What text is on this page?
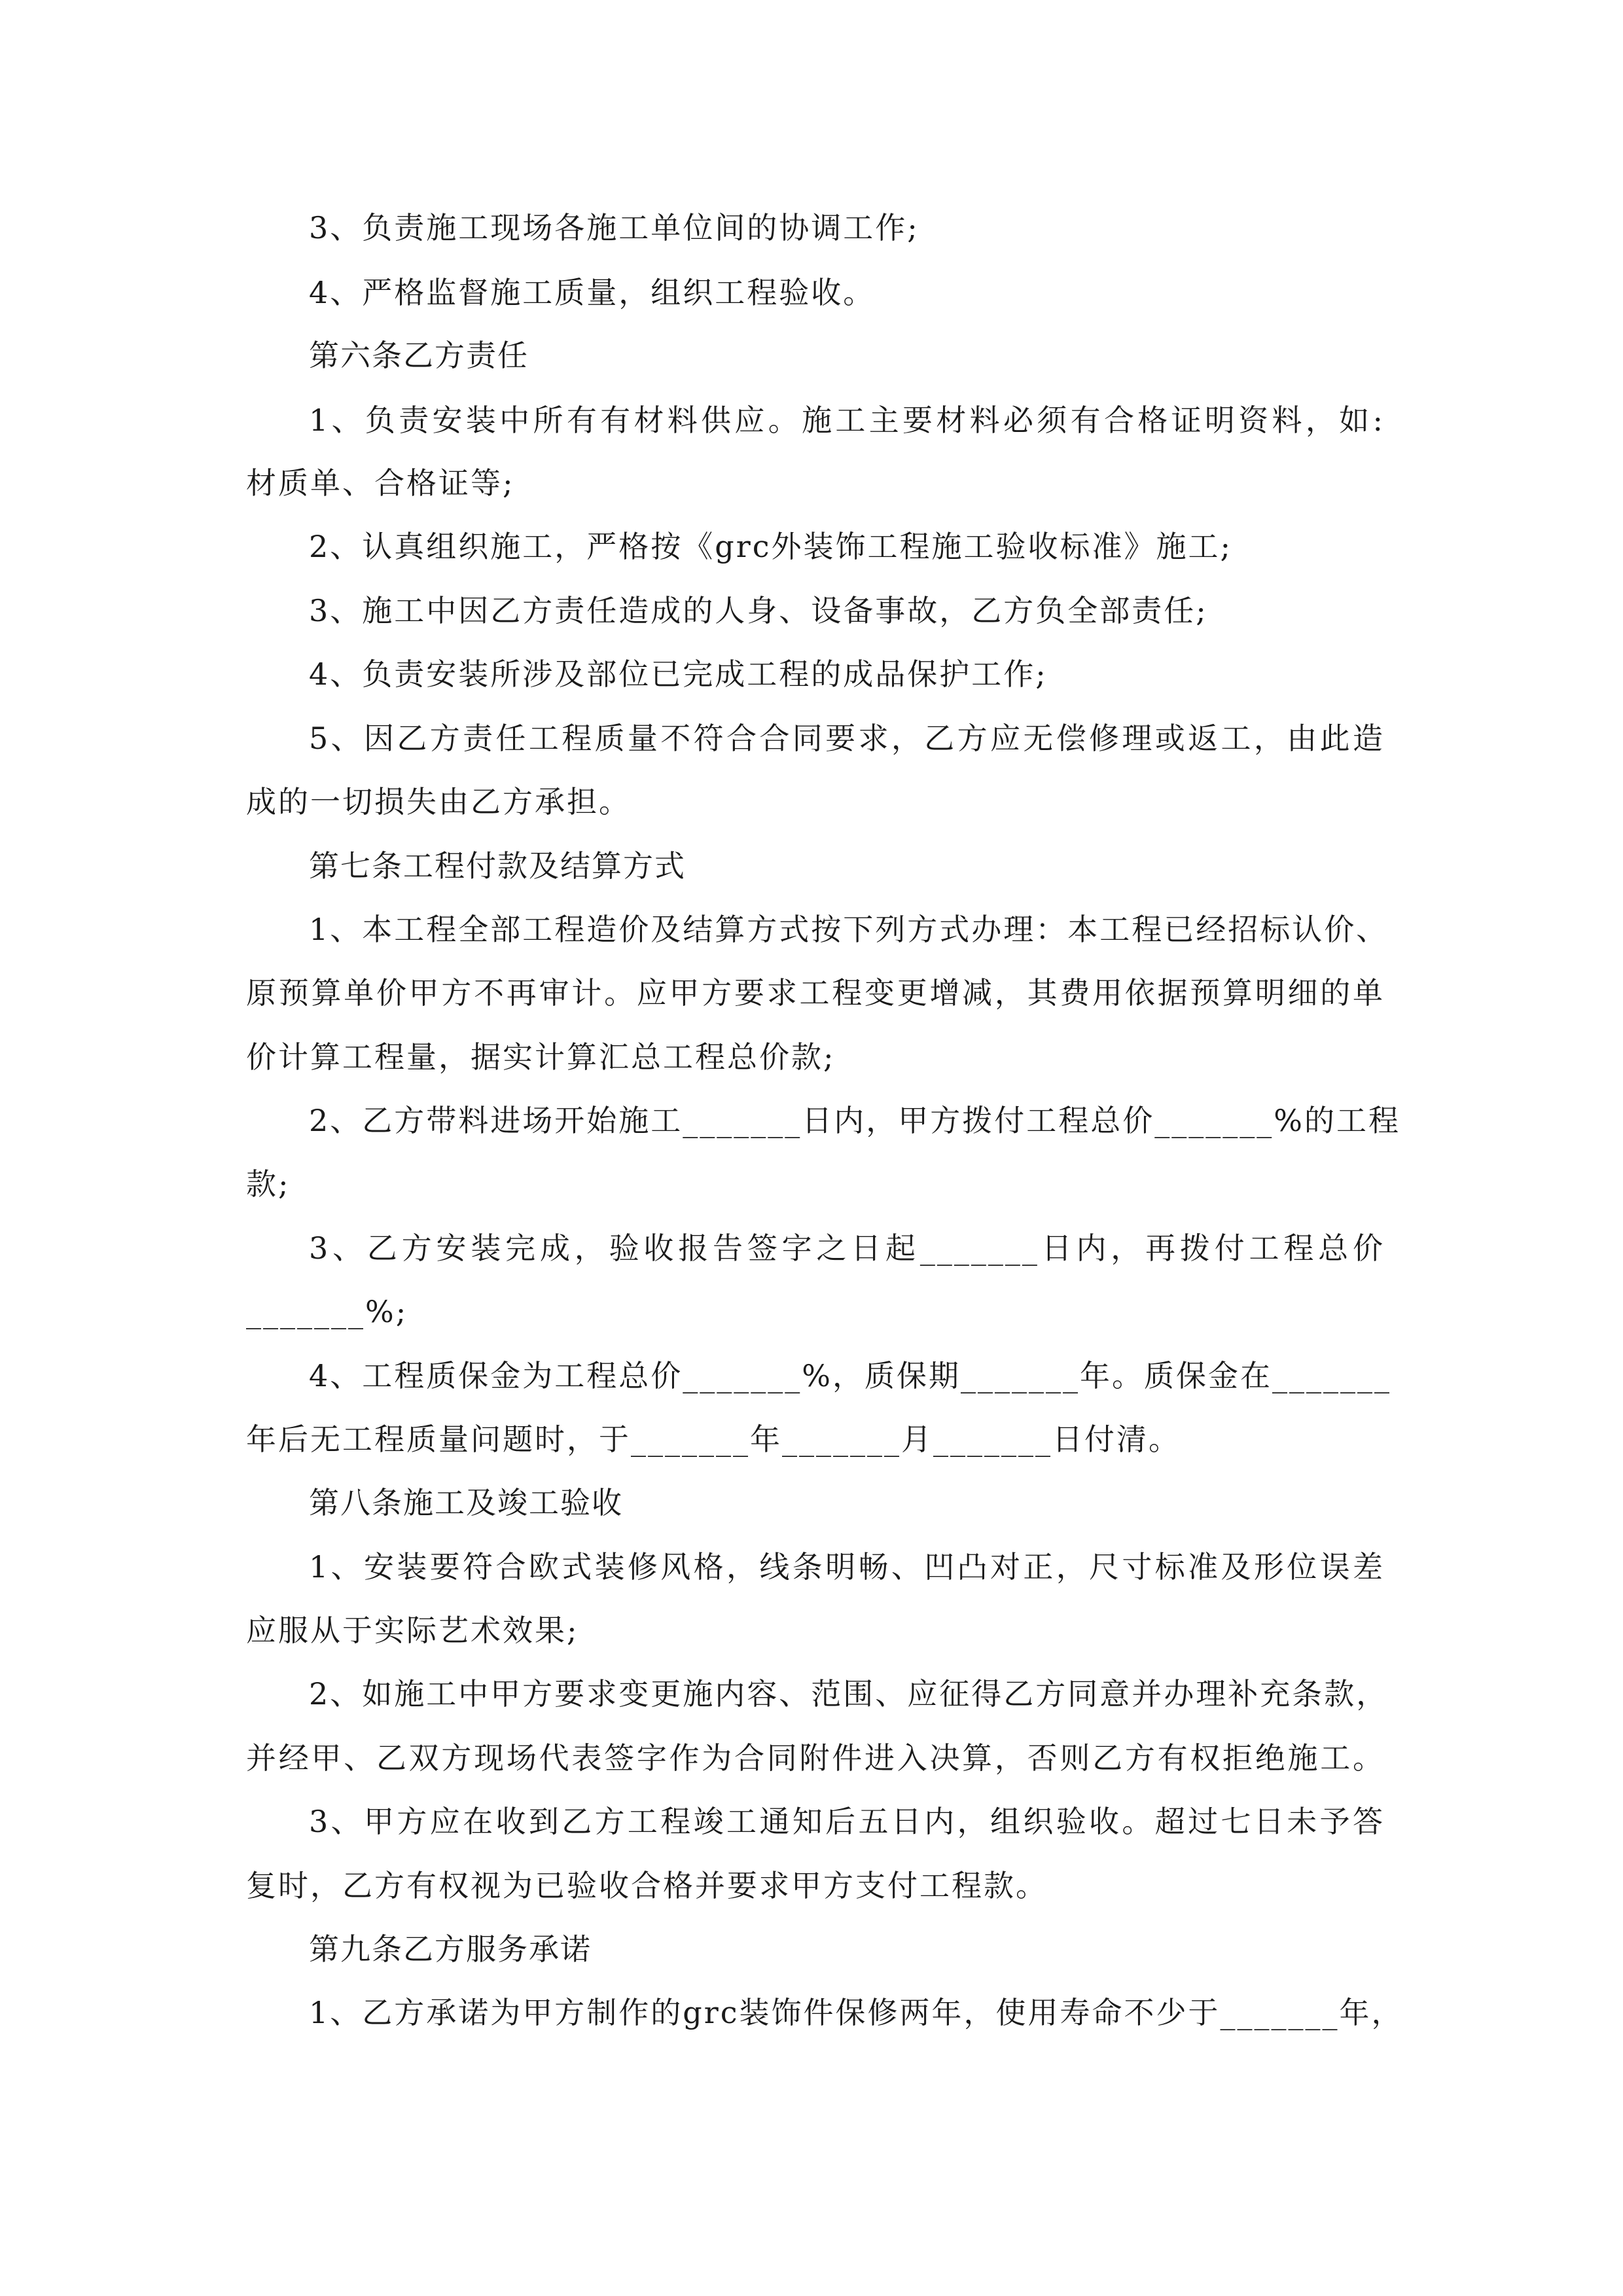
3、负责施工现场各施工单位间的协调工作;
4、严格监督施工质量，组织工程验收。
第六条乙方责任
1、负责安装中所有有材料供应。施工主要材料必须有合格证明资料，如:
材质单、合格证等;
2、认真组织施工，严格按《grc外装饰工程施工验收标准》施工;
3、施工中因乙方责任造成的人身、设备事故，乙方负全部责任;
4、负责安装所涉及部位已完成工程的成品保护工作;
5、因乙方责任工程质量不符合合同要求，乙方应无偿修理或返工，由此造
成的一切损失由乙方承担。
第七条工程付款及结算方式
1、本工程全部工程造价及结算方式按下列方式办理：本工程已经招标认价、
原预算单价甲方不再审计。应甲方要求工程变更增减，其费用依据预算明细的单
价计算工程量，据实计算汇总工程总价款;
2、乙方带料进场开始施工_______日内，甲方拨付工程总价_______%的工程
款;
3、乙方安装完成，验收报告签字之日起_______日内，再拨付工程总价
_______%;
4、工程质保金为工程总价_______%，质保期_______年。质保金在_______
年后无工程质量问题时，于_______年_______月_______日付清。
第八条施工及竣工验收
1、安装要符合欧式装修风格，线条明畅、凹凸对正，尺寸标准及形位误差
应服从于实际艺术效果;
2、如施工中甲方要求变更施内容、范围、应征得乙方同意并办理补充条款，
并经甲、乙双方现场代表签字作为合同附件进入决算，否则乙方有权拒绝施工。
3、甲方应在收到乙方工程竣工通知后五日内，组织验收。超过七日未予答
复时，乙方有权视为已验收合格并要求甲方支付工程款。
第九条乙方服务承诺
1、乙方承诺为甲方制作的grc装饰件保修两年，使用寿命不少于_______年，
